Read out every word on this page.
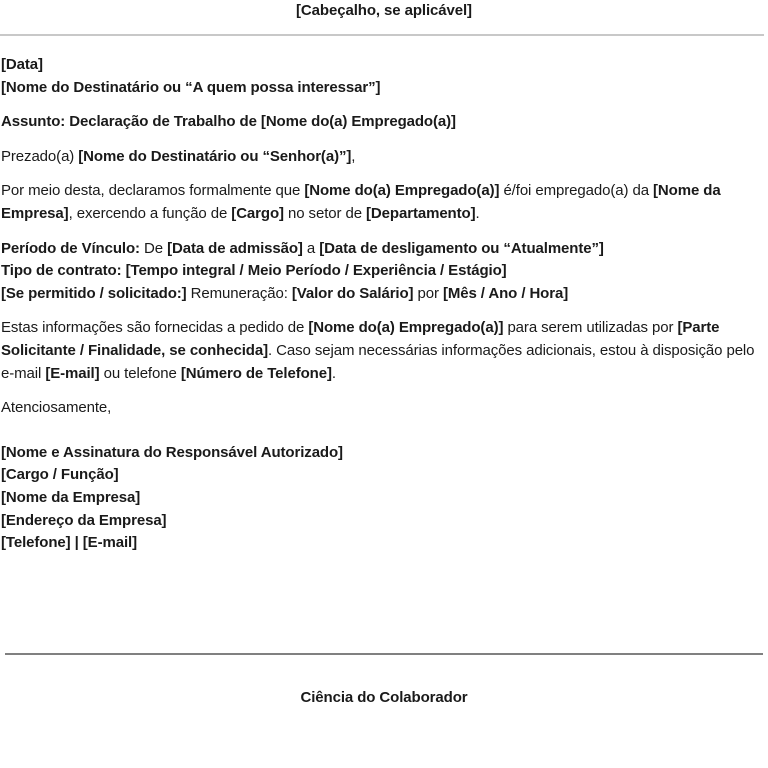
[Cabeçalho, se aplicável]

[Data]

[Nome do Destinatário ou “A quem possa interessar”]

Assunto: Declaração de Trabalho de [Nome do(a) Empregado(a)]

Prezado(a) [Nome do Destinatário ou “Senhor(a)”],

Por meio desta, declaramos formalmente que [Nome do(a) Empregado(a)] é/foi empregado(a) da [Nome da Empresa], exercendo a função de [Cargo] no setor de [Departamento].

Período de Vínculo: De [Data de admissão] a [Data de desligamento ou “Atualmente”]

Tipo de contrato: [Tempo integral / Meio Período / Experiência / Estágio]

[Se permitido / solicitado:] Remuneração: [Valor do Salário] por [Mês / Ano / Hora]

Estas informações são fornecidas a pedido de [Nome do(a) Empregado(a)] para serem utilizadas por [Parte Solicitante / Finalidade, se conhecida]. Caso sejam necessárias informações adicionais, estou à disposição pelo e-mail [E-mail] ou telefone [Número de Telefone].

Atenciosamente,

[Nome e Assinatura do Responsável Autorizado]

[Cargo / Função]

[Nome da Empresa]

[Endereço da Empresa]

[Telefone] | [E-mail]

Ciência do Colaborador
